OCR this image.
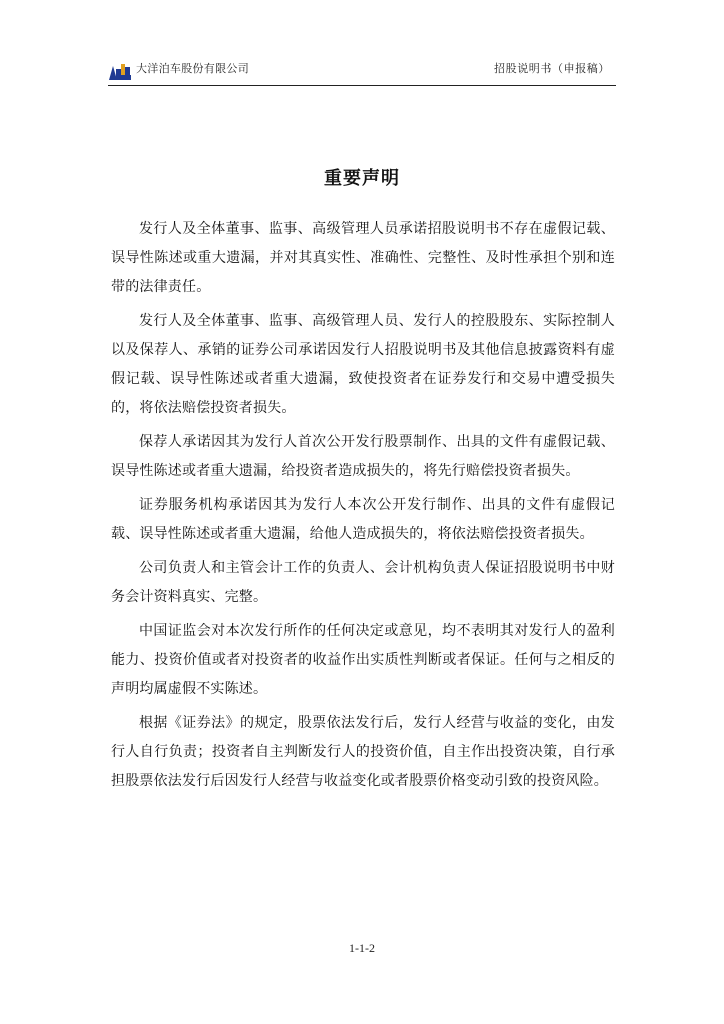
大洋泊车股份有限公司	招股说明书（申报稿）
重要声明

发行人及全体董事、监事、高级管理人员承诺招股说明书不存在虚假记载、误导性陈述或重大遗漏，并对其真实性、准确性、完整性、及时性承担个别和连带的法律责任。

发行人及全体董事、监事、高级管理人员、发行人的控股股东、实际控制人以及保荐人、承销的证券公司承诺因发行人招股说明书及其他信息披露资料有虚假记载、误导性陈述或者重大遗漏，致使投资者在证券发行和交易中遭受损失的，将依法赔偿投资者损失。

保荐人承诺因其为发行人首次公开发行股票制作、出具的文件有虚假记载、误导性陈述或者重大遗漏，给投资者造成损失的，将先行赔偿投资者损失。

证券服务机构承诺因其为发行人本次公开发行制作、出具的文件有虚假记载、误导性陈述或者重大遗漏，给他人造成损失的，将依法赔偿投资者损失。

公司负责人和主管会计工作的负责人、会计机构负责人保证招股说明书中财务会计资料真实、完整。

中国证监会对本次发行所作的任何决定或意见，均不表明其对发行人的盈利能力、投资价值或者对投资者的收益作出实质性判断或者保证。任何与之相反的声明均属虚假不实陈述。

根据《证券法》的规定，股票依法发行后，发行人经营与收益的变化，由发行人自行负责；投资者自主判断发行人的投资价值，自主作出投资决策，自行承担股票依法发行后因发行人经营与收益变化或者股票价格变动引致的投资风险。

1-1-2
